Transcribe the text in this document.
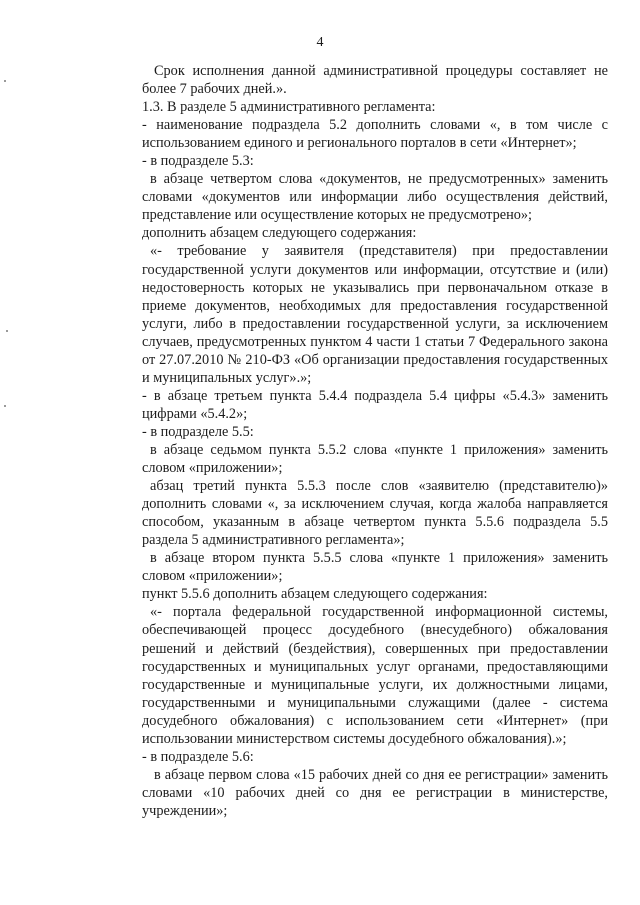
4

Срок исполнения данной административной процедуры составляет не более 7 рабочих дней.».

1.3. В разделе 5 административного регламента:

- наименование подраздела 5.2 дополнить словами «, в том числе с использованием единого и регионального порталов в сети «Интернет»;

- в подразделе 5.3:

в абзаце четвертом слова «документов, не предусмотренных» заменить словами «документов или информации либо осуществления действий, представление или осуществление которых не предусмотрено»;

дополнить абзацем следующего содержания:

«- требование у заявителя (представителя) при предоставлении государственной услуги документов или информации, отсутствие и (или) недостоверность которых не указывались при первоначальном отказе в приеме документов, необходимых для предоставления государственной услуги, либо в предоставлении государственной услуги, за исключением случаев, предусмотренных пунктом 4 части 1 статьи 7 Федерального закона от 27.07.2010 № 210-ФЗ «Об организации предоставления государственных и муниципальных услуг».»;

- в абзаце третьем пункта 5.4.4 подраздела 5.4 цифры «5.4.3» заменить цифрами «5.4.2»;

- в подразделе 5.5:

в абзаце седьмом пункта 5.5.2 слова «пункте 1 приложения» заменить словом «приложении»;

абзац третий пункта 5.5.3 после слов «заявителю (представителю)» дополнить словами «, за исключением случая, когда жалоба направляется способом, указанным в абзаце четвертом пункта 5.5.6 подраздела 5.5 раздела 5 административного регламента»;

в абзаце втором пункта 5.5.5 слова «пункте 1 приложения» заменить словом «приложении»;

пункт 5.5.6 дополнить абзацем следующего содержания:

«- портала федеральной государственной информационной системы, обеспечивающей процесс досудебного (внесудебного) обжалования решений и действий (бездействия), совершенных при предоставлении государственных и муниципальных услуг органами, предоставляющими государственные и муниципальные услуги, их должностными лицами, государственными и муниципальными служащими (далее - система досудебного обжалования) с использованием сети «Интернет» (при использовании министерством системы досудебного обжалования).»;

- в подразделе 5.6:

в абзаце первом слова «15 рабочих дней со дня ее регистрации» заменить словами «10 рабочих дней со дня ее регистрации в министерстве, учреждении»;
